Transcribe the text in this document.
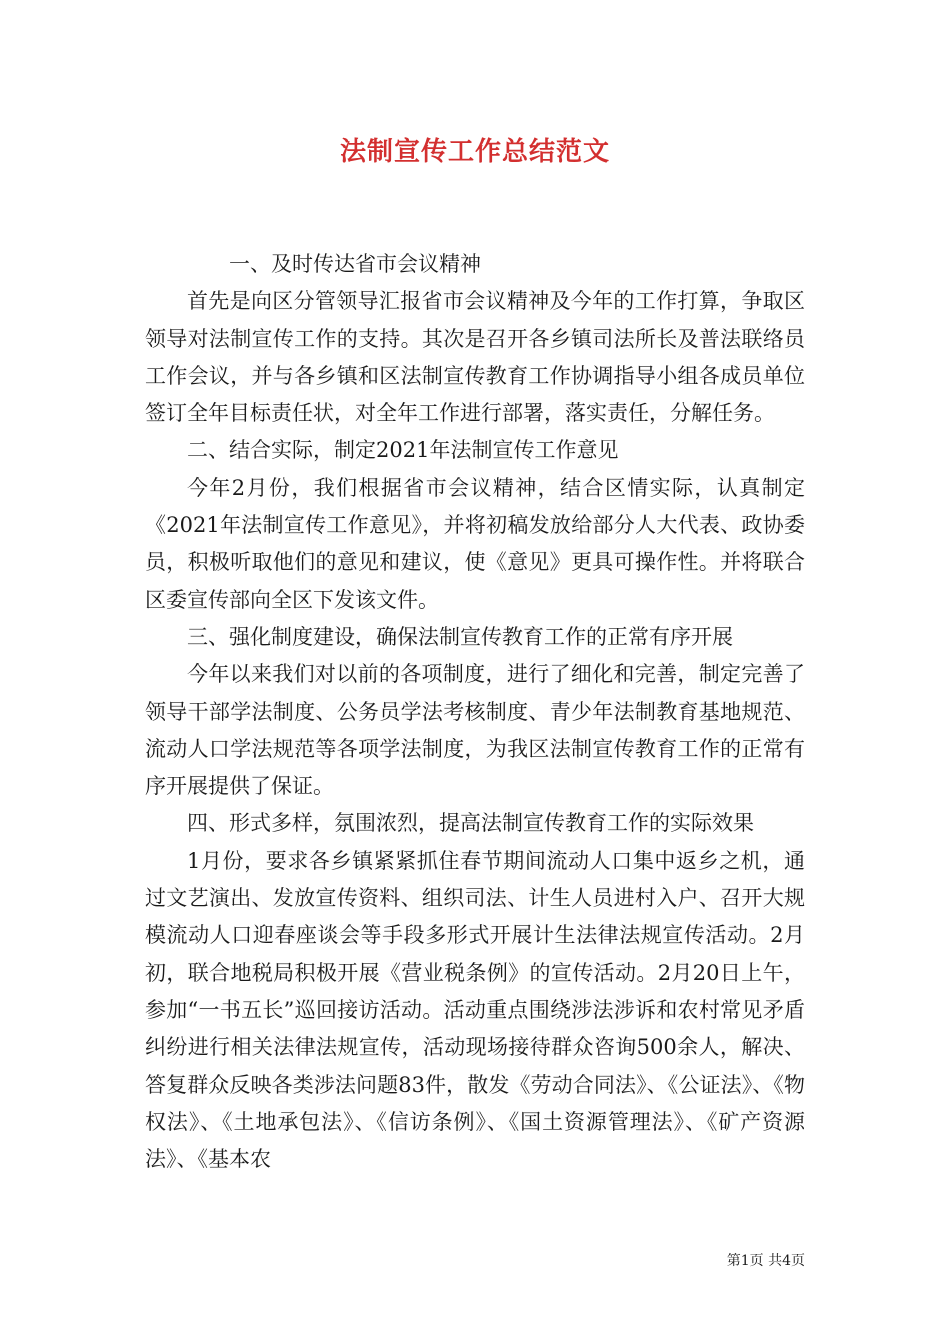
法制宣传工作总结范文

一、及时传达省市会议精神

首先是向区分管领导汇报省市会议精神及今年的工作打算，争取区领导对法制宣传工作的支持。其次是召开各乡镇司法所长及普法联络员工作会议，并与各乡镇和区法制宣传教育工作协调指导小组各成员单位签订全年目标责任状，对全年工作进行部署，落实责任，分解任务。

二、结合实际，制定2021年法制宣传工作意见

今年2月份，我们根据省市会议精神，结合区情实际，认真制定《2021年法制宣传工作意见》，并将初稿发放给部分人大代表、政协委员，积极听取他们的意见和建议，使《意见》更具可操作性。并将联合区委宣传部向全区下发该文件。

三、强化制度建设，确保法制宣传教育工作的正常有序开展

今年以来我们对以前的各项制度，进行了细化和完善，制定完善了领导干部学法制度、公务员学法考核制度、青少年法制教育基地规范、流动人口学法规范等各项学法制度，为我区法制宣传教育工作的正常有序开展提供了保证。

四、形式多样，氛围浓烈，提高法制宣传教育工作的实际效果

1月份，要求各乡镇紧紧抓住春节期间流动人口集中返乡之机，通过文艺演出、发放宣传资料、组织司法、计生人员进村入户、召开大规模流动人口迎春座谈会等手段多形式开展计生法律法规宣传活动。2月初，联合地税局积极开展《营业税条例》的宣传活动。2月20日上午，参加“一书五长”巡回接访活动。活动重点围绕涉法涉诉和农村常见矛盾纠纷进行相关法律法规宣传，活动现场接待群众咨询500余人，解决、答复群众反映各类涉法问题83件，散发《劳动合同法》、《公证法》、《物权法》、《土地承包法》、《信访条例》、《国土资源管理法》、《矿产资源法》、《基本农

第1页 共4页
